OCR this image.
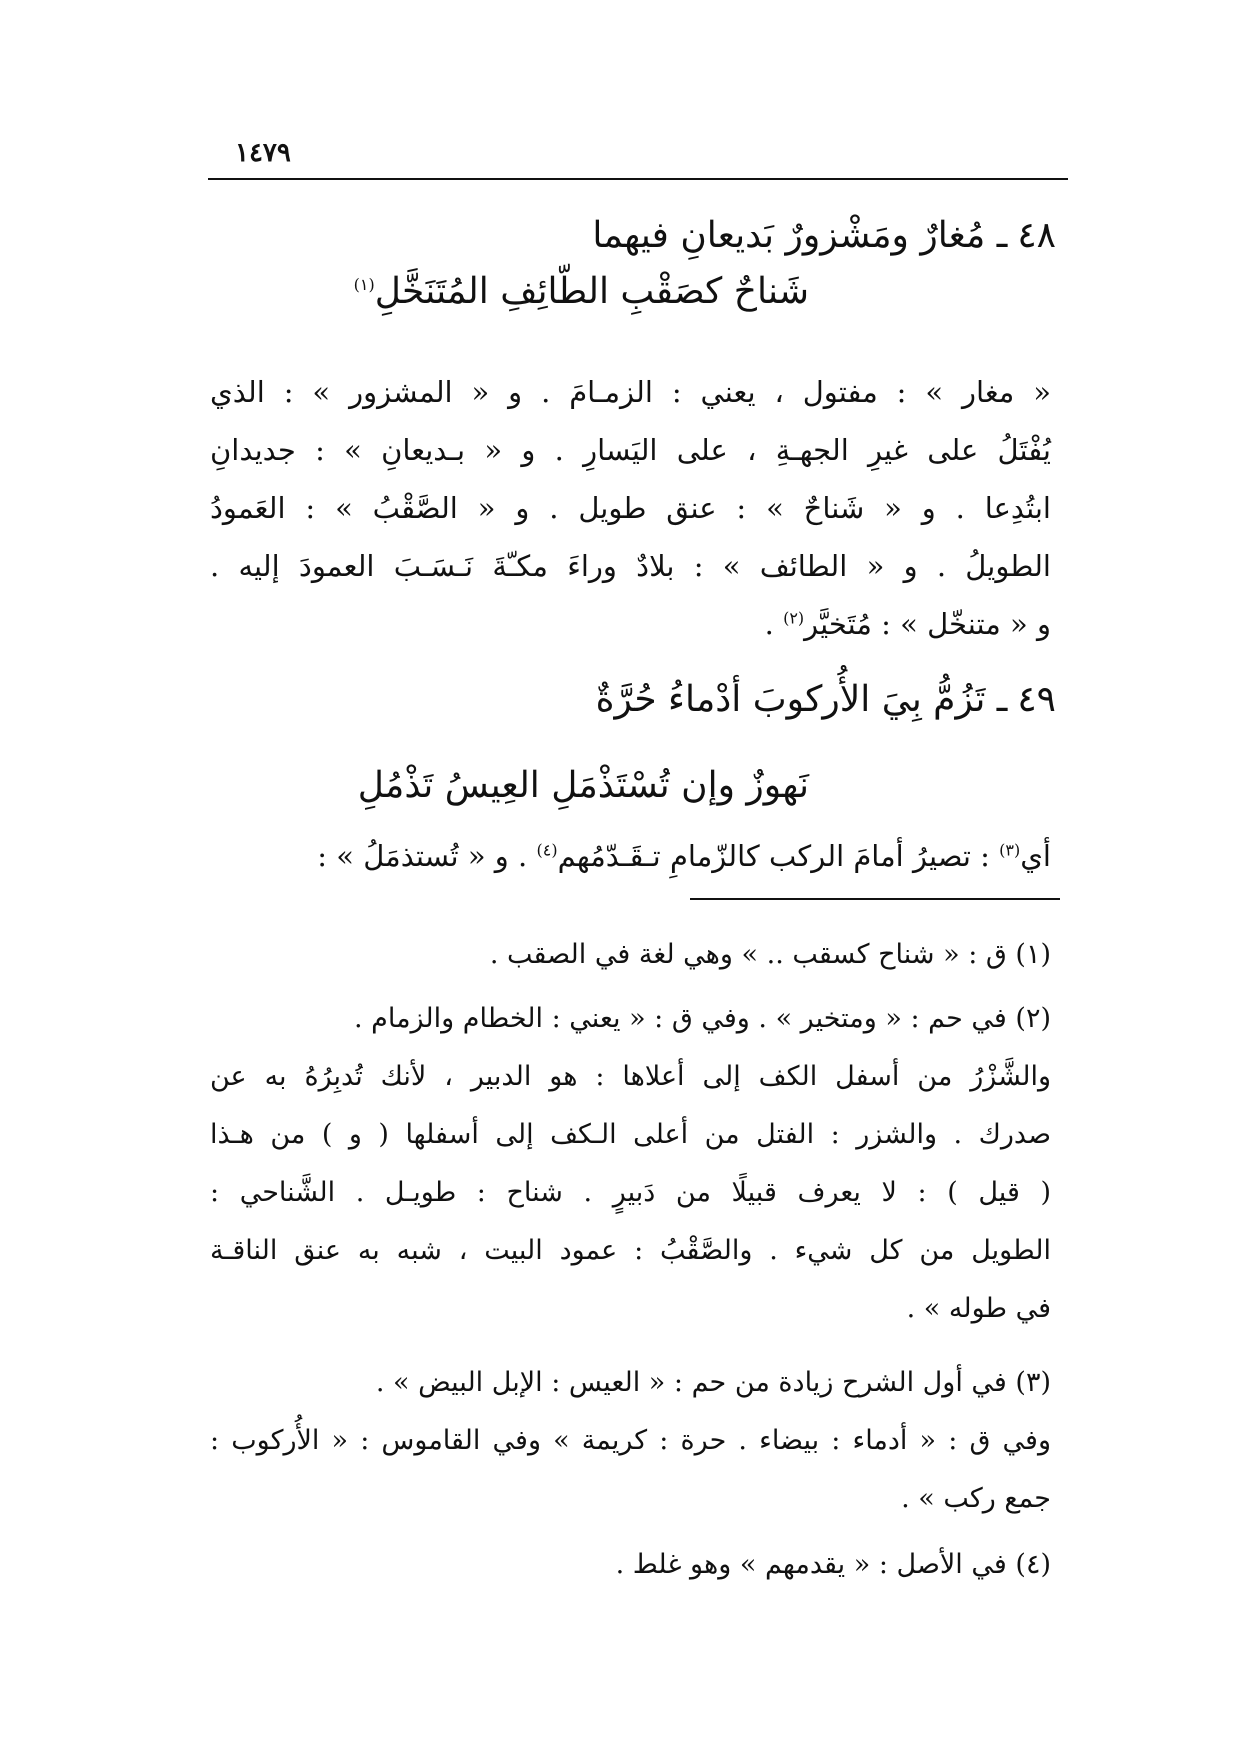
١٤٧٩
٤٨ـ مُغارٌ ومَشْزورٌ بَديعانِ فيهما
شَناحٌ كصَقْبِ الطّائِفِ المُتَنَخَّلِ$^{(١)}$
« مغار » : مفتول ، يعني : الزمـامَ . و « المشزور » : الذي
يُفْتَلُ على غيرِ الجهـةِ ، على اليَسارِ . و « بـديعانِ » : جديدانِ
ابتُدِعا . و « شَناحٌ » : عنق طويل . و « الصَّقْبُ » : العَمودُ
الطويلُ . و « الطائف » : بلادٌ وراءَ مكـّةَ نَـسَـبَ العمودَ إليه .
و « متنخّل » : مُتَخيَّر$^{(٢)}$ .
٤٩ـ تَزُمُّ بِيَ الأُركوبَ أدْماءُ حُرَّةٌ
نَهوزٌ وإن تُسْتَذْمَلِ العِيسُ تَذْمُلِ
أي$^{(٣)}$ : تصيرُ أمامَ الركب كالزّمامِ تـقَـدّمُهم$^{(٤)}$ . و « تُستذمَلُ » :
(١) ق : « شناح كسقب .. » وهي لغة في الصقب .
(٢) في حم : « ومتخير » . وفي ق : « يعني : الخطام والزمام .
والشَّزْرُ من أسفل الكف إلى أعلاها : هو الدبير ، لأنك تُدبِرُهُ به عن
صدرك . والشزر : الفتل من أعلى الـكف إلى أسفلها ( و ) من هـذا
( قيل ) : لا يعرف قبيلًا من دَبيرٍ . شناح : طويـل . الشَّناحي :
الطويل من كل شيء . والصَّقْبُ : عمود البيت ، شبه به عنق الناقـة
في طوله » .
(٣) في أول الشرح زيادة من حم : « العيس : الإبل البيض » .
وفي ق : « أدماء : بيضاء . حرة : كريمة » وفي القاموس : « الأُركوب :
جمع ركب » .
(٤) في الأصل : « يقدمهم » وهو غلط .
